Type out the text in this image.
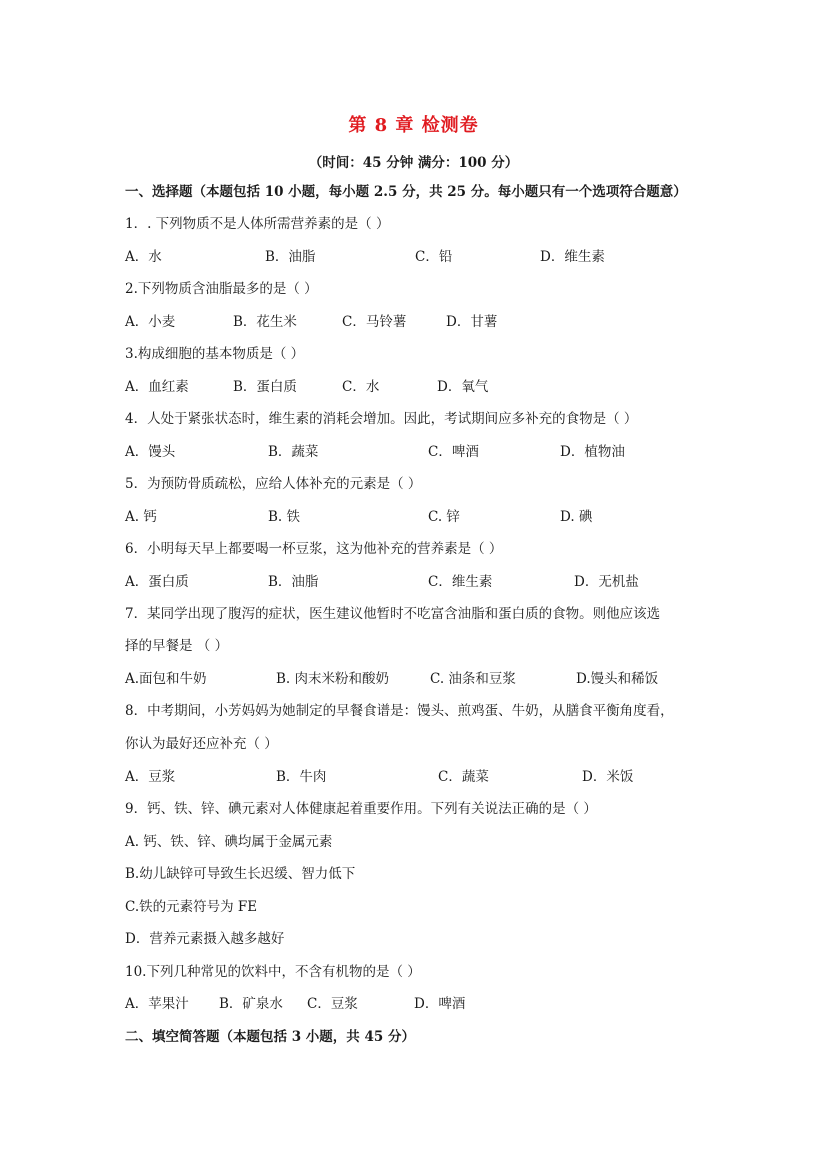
第 8 章 检测卷
（时间：45 分钟 满分：100 分）
一、选择题（本题包括 10 小题，每小题 2.5 分，共 25 分。每小题只有一个选项符合题意）
1．. 下列物质不是人体所需营养素的是（ ）
A．水	B．油脂	C．铅	D．维生素
2.下列物质含油脂最多的是（ ）
A．小麦	B．花生米	C．马铃薯	D．甘薯
3.构成细胞的基本物质是（ ）
A．血红素	B．蛋白质	C．水	D．氧气
4．人处于紧张状态时，维生素的消耗会增加。因此，考试期间应多补充的食物是（ ）
A．馒头	B．蔬菜	C．啤酒	D．植物油
5．为预防骨质疏松，应给人体补充的元素是（ ）
A. 钙	B. 铁	C. 锌	D. 碘
6．小明每天早上都要喝一杯豆浆，这为他补充的营养素是（ ）
A．蛋白质	B．油脂	C．维生素	D．无机盐
7．某同学出现了腹泻的症状，医生建议他暂时不吃富含油脂和蛋白质的食物。则他应该选
择的早餐是 （ ）
A.面包和牛奶	B. 肉末米粉和酸奶	C. 油条和豆浆	D.馒头和稀饭
8．中考期间，小芳妈妈为她制定的早餐食谱是：馒头、煎鸡蛋、牛奶，从膳食平衡角度看，
你认为最好还应补充（ ）
A．豆浆	B．牛肉	C．蔬菜	D．米饭
9．钙、铁、锌、碘元素对人体健康起着重要作用。下列有关说法正确的是（ ）
A. 钙、铁、锌、碘均属于金属元素
B.幼儿缺锌可导致生长迟缓、智力低下
C.铁的元素符号为 FE
D．营养元素摄入越多越好
10.下列几种常见的饮料中，不含有机物的是（ ）
A．苹果汁 B．矿泉水 C．豆浆	D．啤酒
二、填空简答题（本题包括 3 小题，共 45 分）
